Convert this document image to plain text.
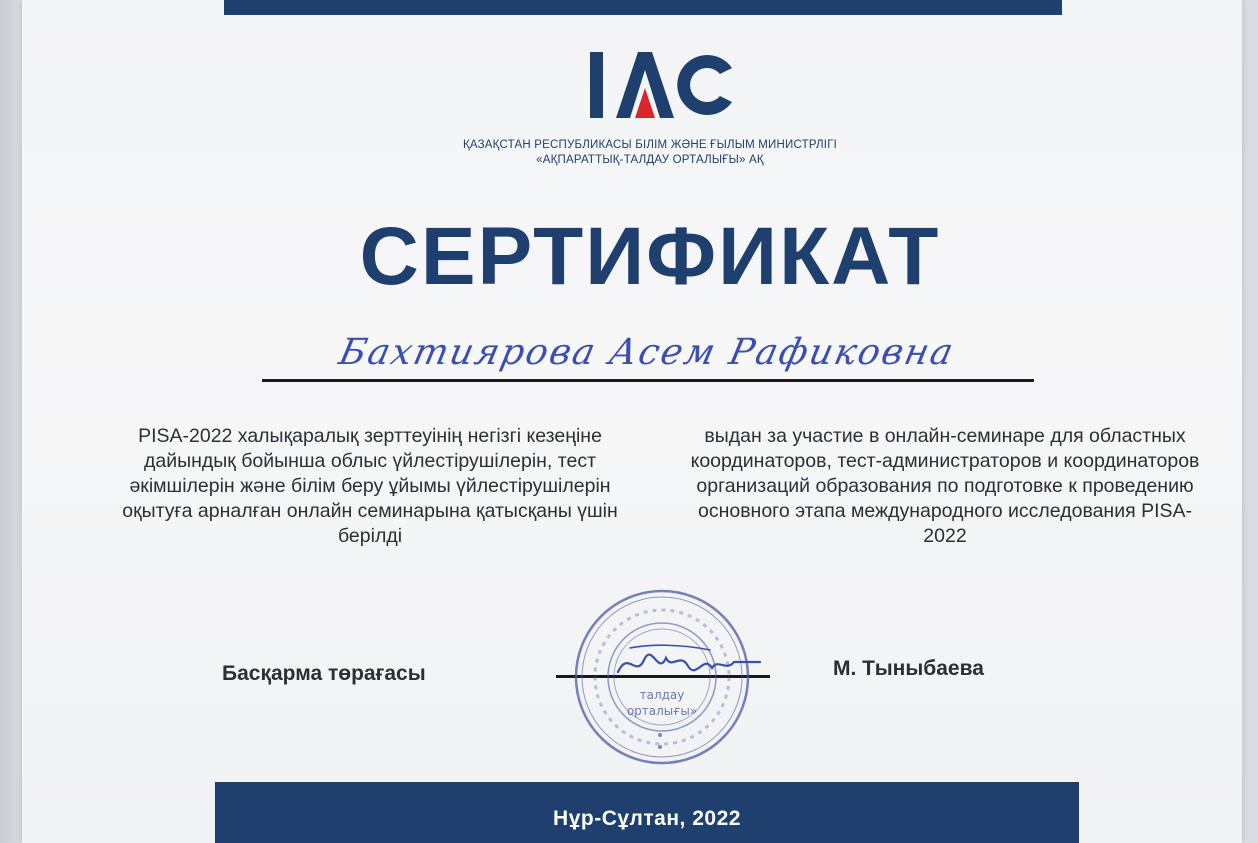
ҚАЗАҚСТАН РЕСПУБЛИКАСЫ БІЛІМ ЖӘНЕ ҒЫЛЫМ МИНИСТРЛІГІ
«АҚПАРАТТЫҚ-ТАЛДАУ ОРТАЛЫҒЫ» АҚ
СЕРТИФИКАТ
Бахтиярова Асем Рафиковна
PISA-2022 халықаралық зерттеуінің негізгі кезеңіне дайындық бойынша облыс үйлестірушілерін, тест әкімшілерін және білім беру ұйымы үйлестірушілерін оқытуға арналған онлайн семинарына қатысқаны үшін берілді
выдан за участие в онлайн-семинаре для областных координаторов, тест-администраторов и координаторов организаций образования по подготовке к проведению основного этапа международного исследования PISA-2022
Басқарма төрағасы
талдау
орталығы»
М. Тыныбаева
Нұр-Сұлтан, 2022
